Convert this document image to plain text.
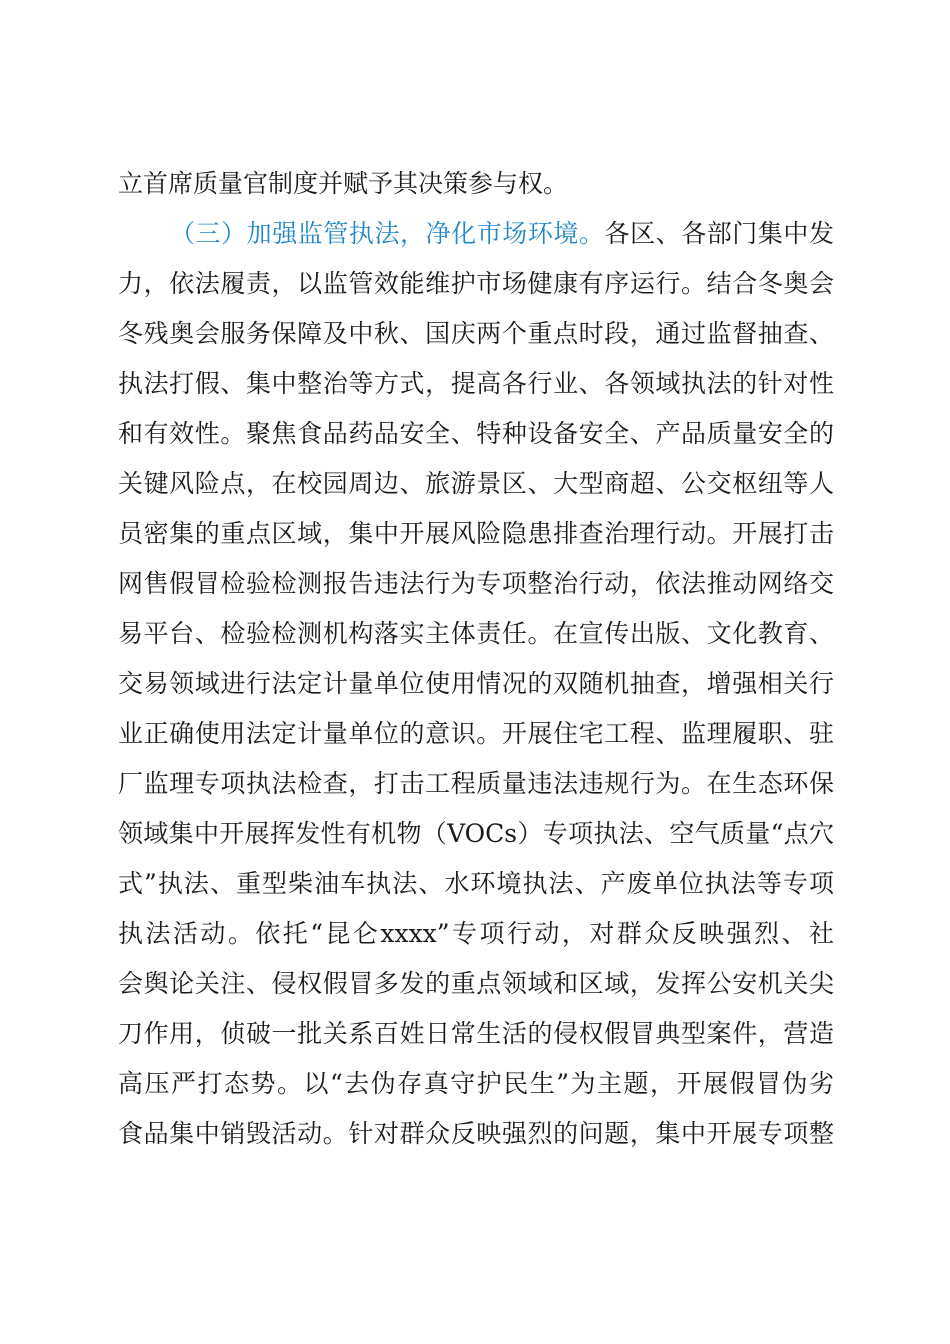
立首席质量官制度并赋予其决策参与权。
（三）加强监管执法，净化市场环境。各区、各部门集中发
力，依法履责，以监管效能维护市场健康有序运行。结合冬奥会
冬残奥会服务保障及中秋、国庆两个重点时段，通过监督抽查、
执法打假、集中整治等方式，提高各行业、各领域执法的针对性
和有效性。聚焦食品药品安全、特种设备安全、产品质量安全的
关键风险点，在校园周边、旅游景区、大型商超、公交枢纽等人
员密集的重点区域，集中开展风险隐患排查治理行动。开展打击
网售假冒检验检测报告违法行为专项整治行动，依法推动网络交
易平台、检验检测机构落实主体责任。在宣传出版、文化教育、
交易领域进行法定计量单位使用情况的双随机抽查，增强相关行
业正确使用法定计量单位的意识。开展住宅工程、监理履职、驻
厂监理专项执法检查，打击工程质量违法违规行为。在生态环保
领域集中开展挥发性有机物（VOCs）专项执法、空气质量“点穴
式”执法、重型柴油车执法、水环境执法、产废单位执法等专项
执法活动。依托“昆仑xxxx”专项行动，对群众反映强烈、社
会舆论关注、侵权假冒多发的重点领域和区域，发挥公安机关尖
刀作用，侦破一批关系百姓日常生活的侵权假冒典型案件，营造
高压严打态势。以“去伪存真守护民生”为主题，开展假冒伪劣
食品集中销毁活动。针对群众反映强烈的问题，集中开展专项整
